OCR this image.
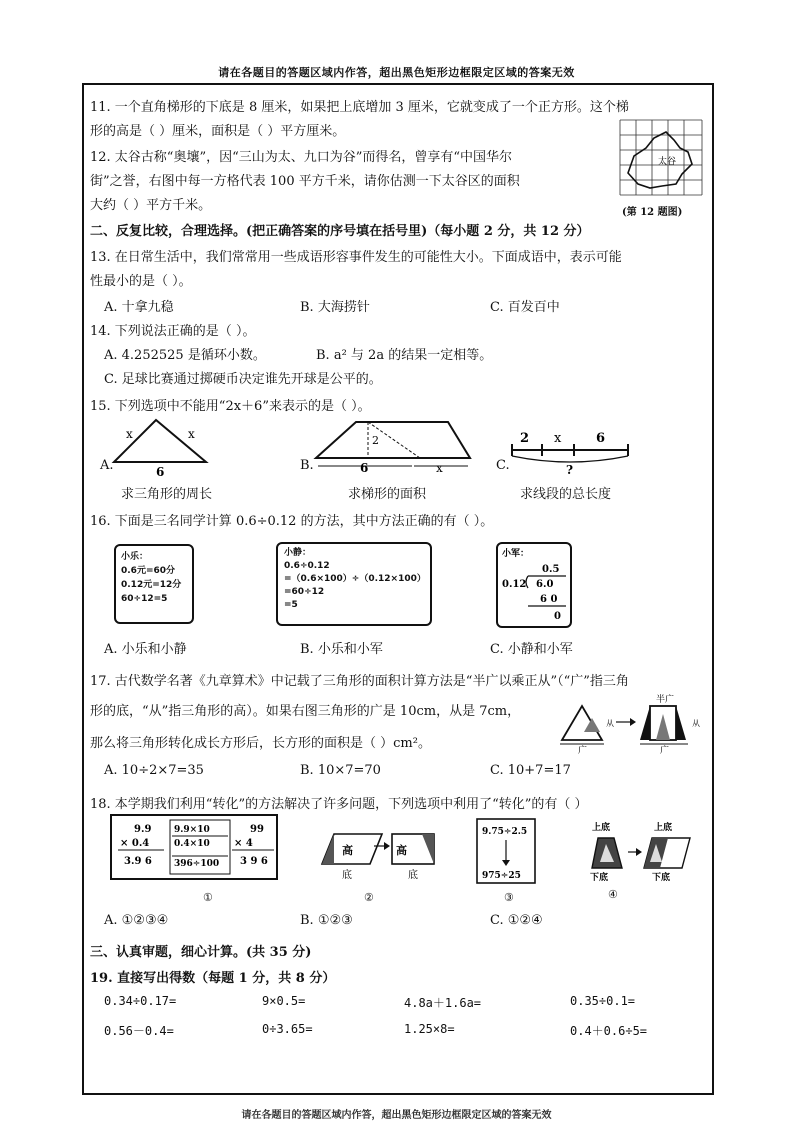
请在各题目的答题区域内作答，超出黑色矩形边框限定区域的答案无效
请在各题目的答题区域内作答，超出黑色矩形边框限定区域的答案无效
11. 一个直角梯形的下底是 8 厘米，如果把上底增加 3 厘米，它就变成了一个正方形。这个梯
形的高是（ ）厘米，面积是（ ）平方厘米。
12. 太谷古称“奥壤”，因“三山为太、九口为谷”而得名，曾享有“中国华尔
街”之誉，右图中每一方格代表 100 平方千米，请你估测一下太谷区的面积
大约（ ）平方千米。
太谷
(第 12 题图)
二、反复比较，合理选择。(把正确答案的序号填在括号里)（每小题 2 分，共 12 分）
13. 在日常生活中，我们常常用一些成语形容事件发生的可能性大小。下面成语中，表示可能
性最小的是（ ）。
A. 十拿九稳	B. 大海捞针	C. 百发百中
14. 下列说法正确的是（ ）。
A. 4.252525 是循环小数。	B. a² 与 2a 的结果一定相等。
C. 足球比赛通过掷硬币决定谁先开球是公平的。
15. 下列选项中不能用“2x＋6”来表示的是（ ）。
A.
x	x
6
求三角形的周长
B.
2
6	x
求梯形的面积
C.
2 x	6
?
求线段的总长度
16. 下面是三名同学计算 0.6÷0.12 的方法，其中方法正确的有（ ）。
小乐：
0.6元=60分
0.12元=12分
60÷12=5
小静：
0.6÷0.12
=（0.6×100）÷（0.12×100）
=60÷12
=5
小军：
0.5
0.12 6.0
6 0
0
A. 小乐和小静	B. 小乐和小军	C. 小静和小军
17. 古代数学名著《九章算术》中记载了三角形的面积计算方法是“半广以乘正从”（“广”指三角
形的底，“从”指三角形的高）。如果右图三角形的广是 10cm，从是 7cm，
那么将三角形转化成长方形后，长方形的面积是（ ）cm²。	广
从
半广
从
广
A. 10÷2×7=35	B. 10×7=70	C. 10+7=17
18. 本学期我们利用“转化”的方法解决了许多问题，下列选项中利用了“转化”的有（ ）
9.9
× 0.4
3.9 6
9.9×10
0.4×10
396÷100
99
× 4
3 9 6
①
高
底
高
底
②
9.75÷2.5
975÷25
③
上底
下底
上底
下底
④
A. ①②③④	B. ①②③	C. ①②④
三、认真审题，细心计算。(共 35 分)
19. 直接写出得数（每题 1 分，共 8 分）
0.34÷0.17=	9×0.5=	4.8a＋1.6a=	0.35÷0.1=
0.56－0.4=	0÷3.65=	1.25×8=	0.4＋0.6÷5=
